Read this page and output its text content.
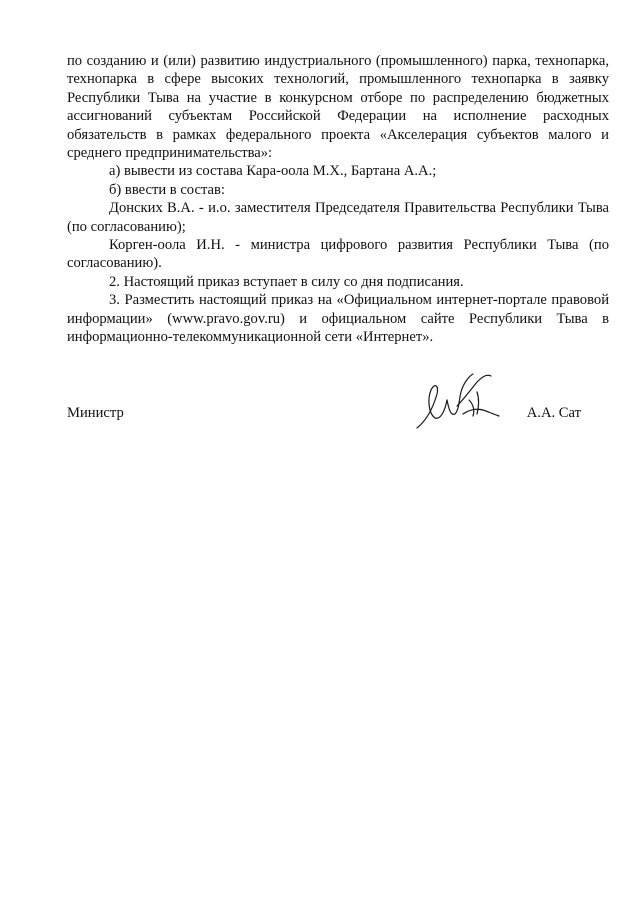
по созданию и (или) развитию индустриального (промышленного) парка, технопарка, технопарка в сфере высоких технологий, промышленного технопарка в заявку Республики Тыва на участие в конкурсном отборе по распределению бюджетных ассигнований субъектам Российской Федерации на исполнение расходных обязательств в рамках федерального проекта «Акселерация субъектов малого и среднего предпринимательства»:

а) вывести из состава Кара-оола М.Х., Бартана А.А.;

б) ввести в состав:

Донских В.А. - и.о. заместителя Председателя Правительства Республики Тыва (по согласованию);

Корген-оола И.Н. - министра цифрового развития Республики Тыва (по согласованию).

2. Настоящий приказ вступает в силу со дня подписания.

3. Разместить настоящий приказ на «Официальном интернет-портале правовой информации» (www.pravo.gov.ru) и официальном сайте Республики Тыва в информационно-телекоммуникационной сети «Интернет».

Министр	А.А. Сат
